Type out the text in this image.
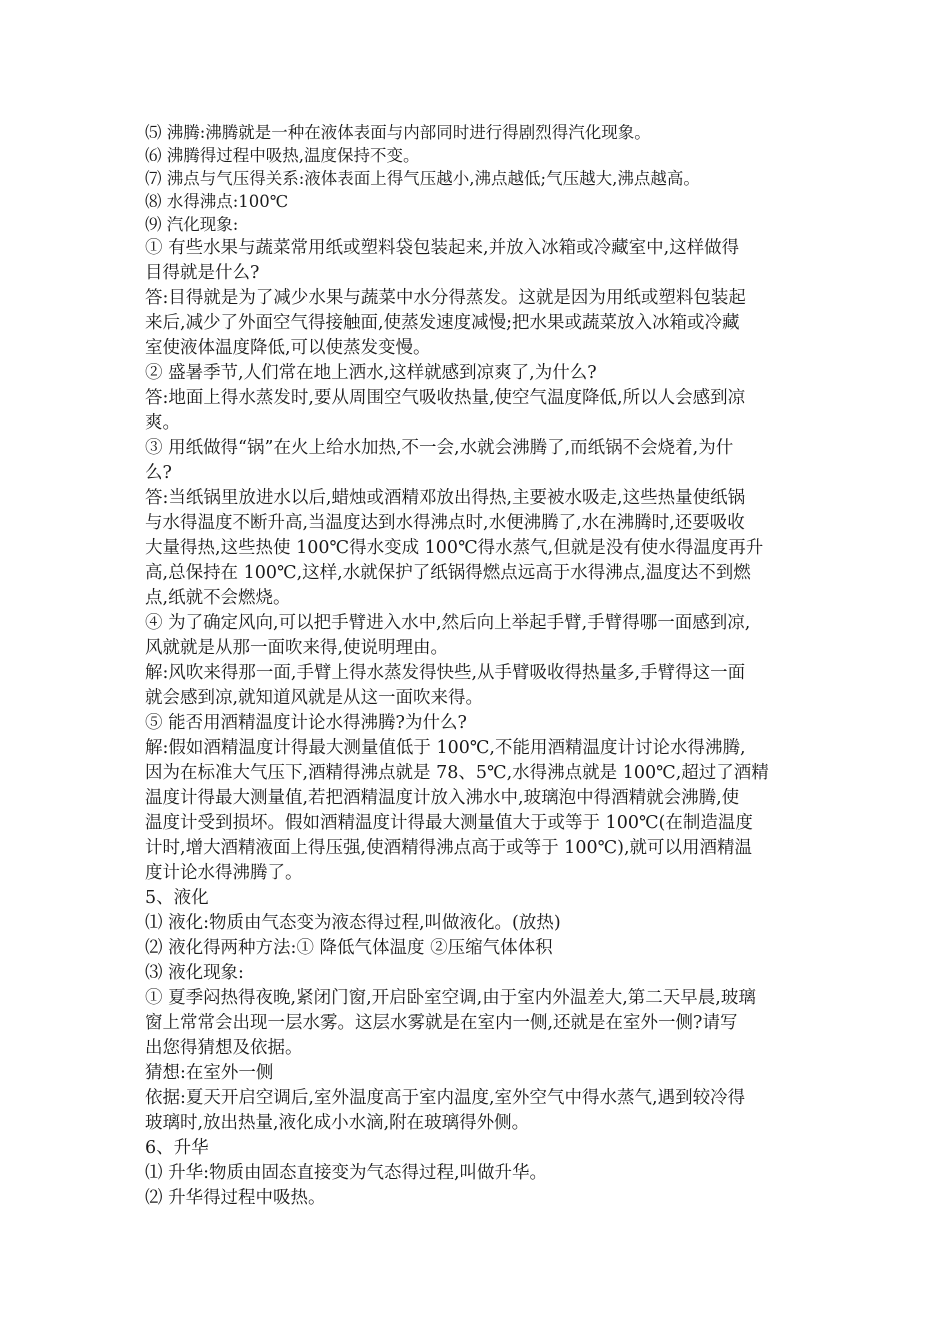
⑸ 沸腾:沸腾就是一种在液体表面与内部同时进行得剧烈得汽化现象。

⑹ 沸腾得过程中吸热,温度保持不变。

⑺ 沸点与气压得关系:液体表面上得气压越小,沸点越低;气压越大,沸点越高。

⑻ 水得沸点:100℃

⑼ 汽化现象:

① 有些水果与蔬菜常用纸或塑料袋包装起来,并放入冰箱或冷藏室中,这样做得

目得就是什么?

答:目得就是为了减少水果与蔬菜中水分得蒸发。这就是因为用纸或塑料包装起

来后,减少了外面空气得接触面,使蒸发速度减慢;把水果或蔬菜放入冰箱或冷藏

室使液体温度降低,可以使蒸发变慢。

② 盛暑季节,人们常在地上洒水,这样就感到凉爽了,为什么?

答:地面上得水蒸发时,要从周围空气吸收热量,使空气温度降低,所以人会感到凉

爽。

③ 用纸做得“锅”在火上给水加热,不一会,水就会沸腾了,而纸锅不会烧着,为什

么?

答:当纸锅里放进水以后,蜡烛或酒精邓放出得热,主要被水吸走,这些热量使纸锅

与水得温度不断升高,当温度达到水得沸点时,水便沸腾了,水在沸腾时,还要吸收

大量得热,这些热使 100℃得水变成 100℃得水蒸气,但就是没有使水得温度再升

高,总保持在 100℃,这样,水就保护了纸锅得燃点远高于水得沸点,温度达不到燃

点,纸就不会燃烧。

④ 为了确定风向,可以把手臂进入水中,然后向上举起手臂,手臂得哪一面感到凉,

风就就是从那一面吹来得,使说明理由。

解:风吹来得那一面,手臂上得水蒸发得快些,从手臂吸收得热量多,手臂得这一面

就会感到凉,就知道风就是从这一面吹来得。

⑤ 能否用酒精温度计论水得沸腾?为什么?

解:假如酒精温度计得最大测量值低于 100℃,不能用酒精温度计讨论水得沸腾,

因为在标准大气压下,酒精得沸点就是 78、5℃,水得沸点就是 100℃,超过了酒精

温度计得最大测量值,若把酒精温度计放入沸水中,玻璃泡中得酒精就会沸腾,使

温度计受到损坏。假如酒精温度计得最大测量值大于或等于 100℃(在制造温度

计时,增大酒精液面上得压强,使酒精得沸点高于或等于 100℃),就可以用酒精温

度计论水得沸腾了。

5、液化

⑴ 液化:物质由气态变为液态得过程,叫做液化。(放热)

⑵ 液化得两种方法:① 降低气体温度 ②压缩气体体积

⑶ 液化现象:

① 夏季闷热得夜晚,紧闭门窗,开启卧室空调,由于室内外温差大,第二天早晨,玻璃

窗上常常会出现一层水雾。这层水雾就是在室内一侧,还就是在室外一侧?请写

出您得猜想及依据。

猜想:在室外一侧

依据:夏天开启空调后,室外温度高于室内温度,室外空气中得水蒸气,遇到较冷得

玻璃时,放出热量,液化成小水滴,附在玻璃得外侧。

6、升华

⑴ 升华:物质由固态直接变为气态得过程,叫做升华。

⑵ 升华得过程中吸热。
